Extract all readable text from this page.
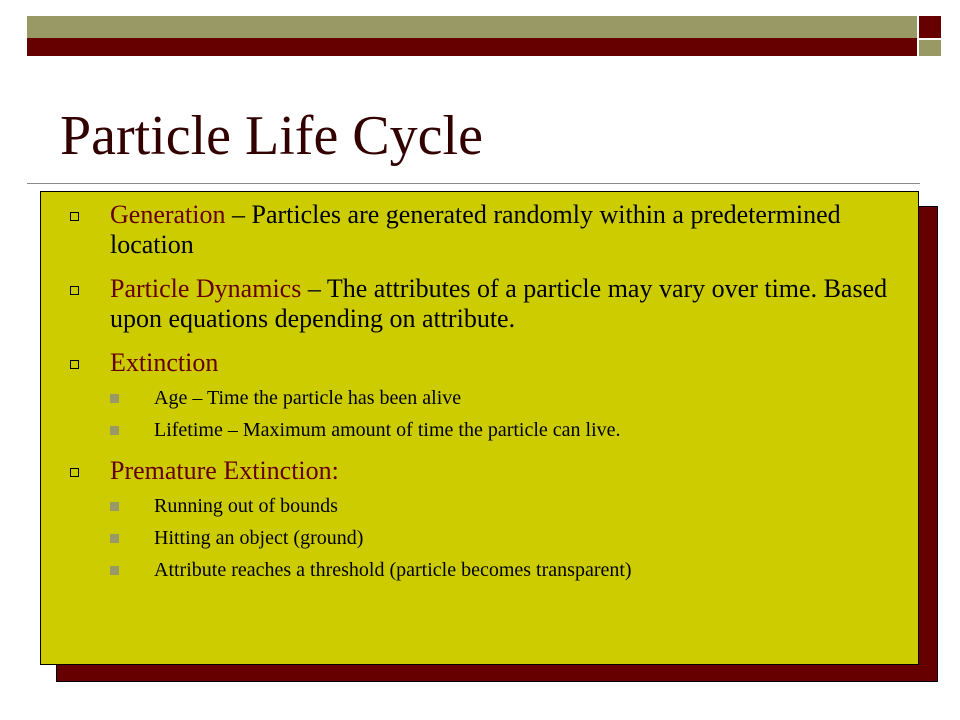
Particle Life Cycle
Generation – Particles are generated randomly within a predetermined location
Particle Dynamics – The attributes of a particle may vary over time. Based upon equations depending on attribute.
Extinction
Age – Time the particle has been alive
Lifetime – Maximum amount of time the particle can live.
Premature Extinction:
Running out of bounds
Hitting an object (ground)
Attribute reaches a threshold (particle becomes transparent)
